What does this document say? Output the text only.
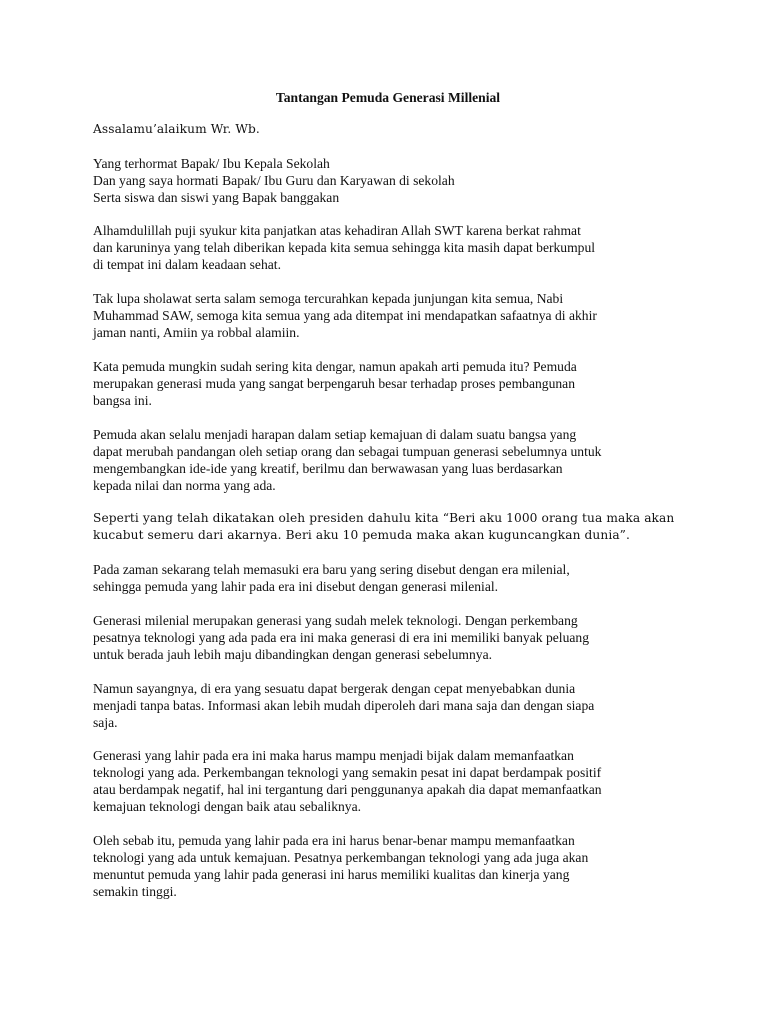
Tantangan Pemuda Generasi Millenial
Assalamu’alaikum Wr. Wb.
Yang terhormat Bapak/ Ibu Kepala Sekolah
Dan yang saya hormati Bapak/ Ibu Guru dan Karyawan di sekolah
Serta siswa dan siswi yang Bapak banggakan
Alhamdulillah puji syukur kita panjatkan atas kehadiran Allah SWT karena berkat rahmat
dan karuninya yang telah diberikan kepada kita semua sehingga kita masih dapat berkumpul
di tempat ini dalam keadaan sehat.
Tak lupa sholawat serta salam semoga tercurahkan kepada junjungan kita semua, Nabi
Muhammad SAW, semoga kita semua yang ada ditempat ini mendapatkan safaatnya di akhir
jaman nanti, Amiin ya robbal alamiin.
Kata pemuda mungkin sudah sering kita dengar, namun apakah arti pemuda itu? Pemuda
merupakan generasi muda yang sangat berpengaruh besar terhadap proses pembangunan
bangsa ini.
Pemuda akan selalu menjadi harapan dalam setiap kemajuan di dalam suatu bangsa yang
dapat merubah pandangan oleh setiap orang dan sebagai tumpuan generasi sebelumnya untuk
mengembangkan ide-ide yang kreatif, berilmu dan berwawasan yang luas berdasarkan
kepada nilai dan norma yang ada.
Seperti yang telah dikatakan oleh presiden dahulu kita “Beri aku 1000 orang tua maka akan
kucabut semeru dari akarnya. Beri aku 10 pemuda maka akan kuguncangkan dunia”.
Pada zaman sekarang telah memasuki era baru yang sering disebut dengan era milenial,
sehingga pemuda yang lahir pada era ini disebut dengan generasi milenial.
Generasi milenial merupakan generasi yang sudah melek teknologi. Dengan perkembang
pesatnya teknologi yang ada pada era ini maka generasi di era ini memiliki banyak peluang
untuk berada jauh lebih maju dibandingkan dengan generasi sebelumnya.
Namun sayangnya, di era yang sesuatu dapat bergerak dengan cepat menyebabkan dunia
menjadi tanpa batas. Informasi akan lebih mudah diperoleh dari mana saja dan dengan siapa
saja.
Generasi yang lahir pada era ini maka harus mampu menjadi bijak dalam memanfaatkan
teknologi yang ada. Perkembangan teknologi yang semakin pesat ini dapat berdampak positif
atau berdampak negatif, hal ini tergantung dari penggunanya apakah dia dapat memanfaatkan
kemajuan teknologi dengan baik atau sebaliknya.
Oleh sebab itu, pemuda yang lahir pada era ini harus benar-benar mampu memanfaatkan
teknologi yang ada untuk kemajuan. Pesatnya perkembangan teknologi yang ada juga akan
menuntut pemuda yang lahir pada generasi ini harus memiliki kualitas dan kinerja yang
semakin tinggi.
